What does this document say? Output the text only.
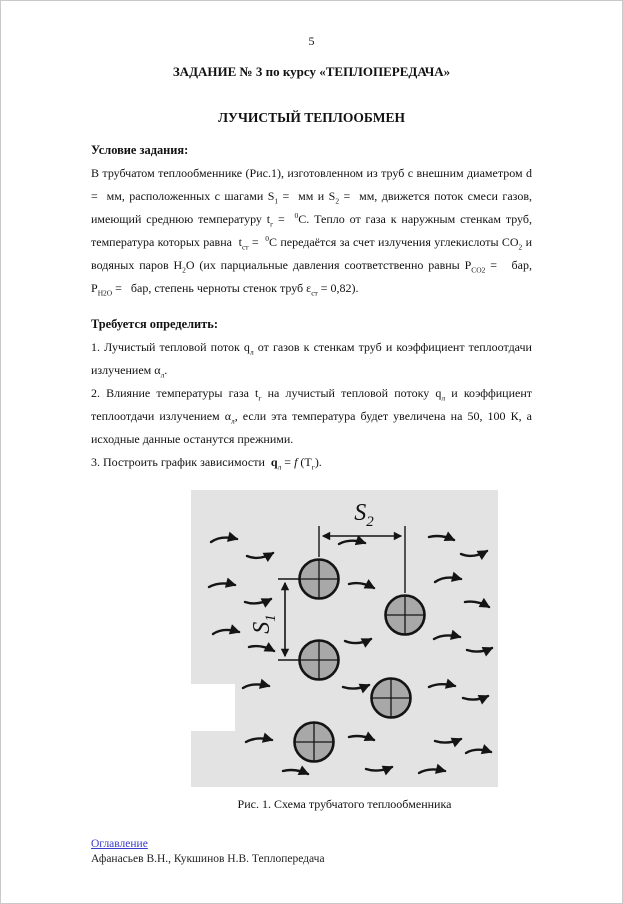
5
ЗАДАНИЕ № 3 по курсу «ТЕПЛОПЕРЕДАЧА»
ЛУЧИСТЫЙ ТЕПЛООБМЕН

Условие задания:

В трубчатом теплообменнике (Рис.1), изготовленном из труб с внешним диаметром d =  мм, расположенных с шагами $S_1$ =  мм и $S_2$ =  мм, движется поток смеси газов, имеющий среднюю температуру $t_г = ^0С$. Тепло от газа к наружным стенкам труб, температура которых равна  $t_{ст} = ^0С$ передаётся за счет излучения углекислоты $СО_2$ и водяных паров $Н_2О$ (их парциальные давления соответственно равны $Р_{СО2}$ =   бар, $Р_{Н2О}$ =   бар, степень черноты стенок труб $\varepsilon_{ст} = 0,82$).

Требуется определить:

1. Лучистый тепловой поток $q_л$ от газов к стенкам труб и коэффициент теплоотдачи излучением $\alpha_л$.

2. Влияние температуры газа $t_г$ на лучистый тепловой потоку $q_л$ и коэффициент теплоотдачи излучением $\alpha_л$, если эта температура будет увеличена на 50, 100 К, а исходные данные останутся прежними.

3. Построить график зависимости  $q_л = f$ $(T_г)$.

$S_2$
$S_1$
Рис. 1. Схема трубчатого теплообменника
Оглавление
Афанасьев В.Н., Кукшинов Н.В. Теплопередача
